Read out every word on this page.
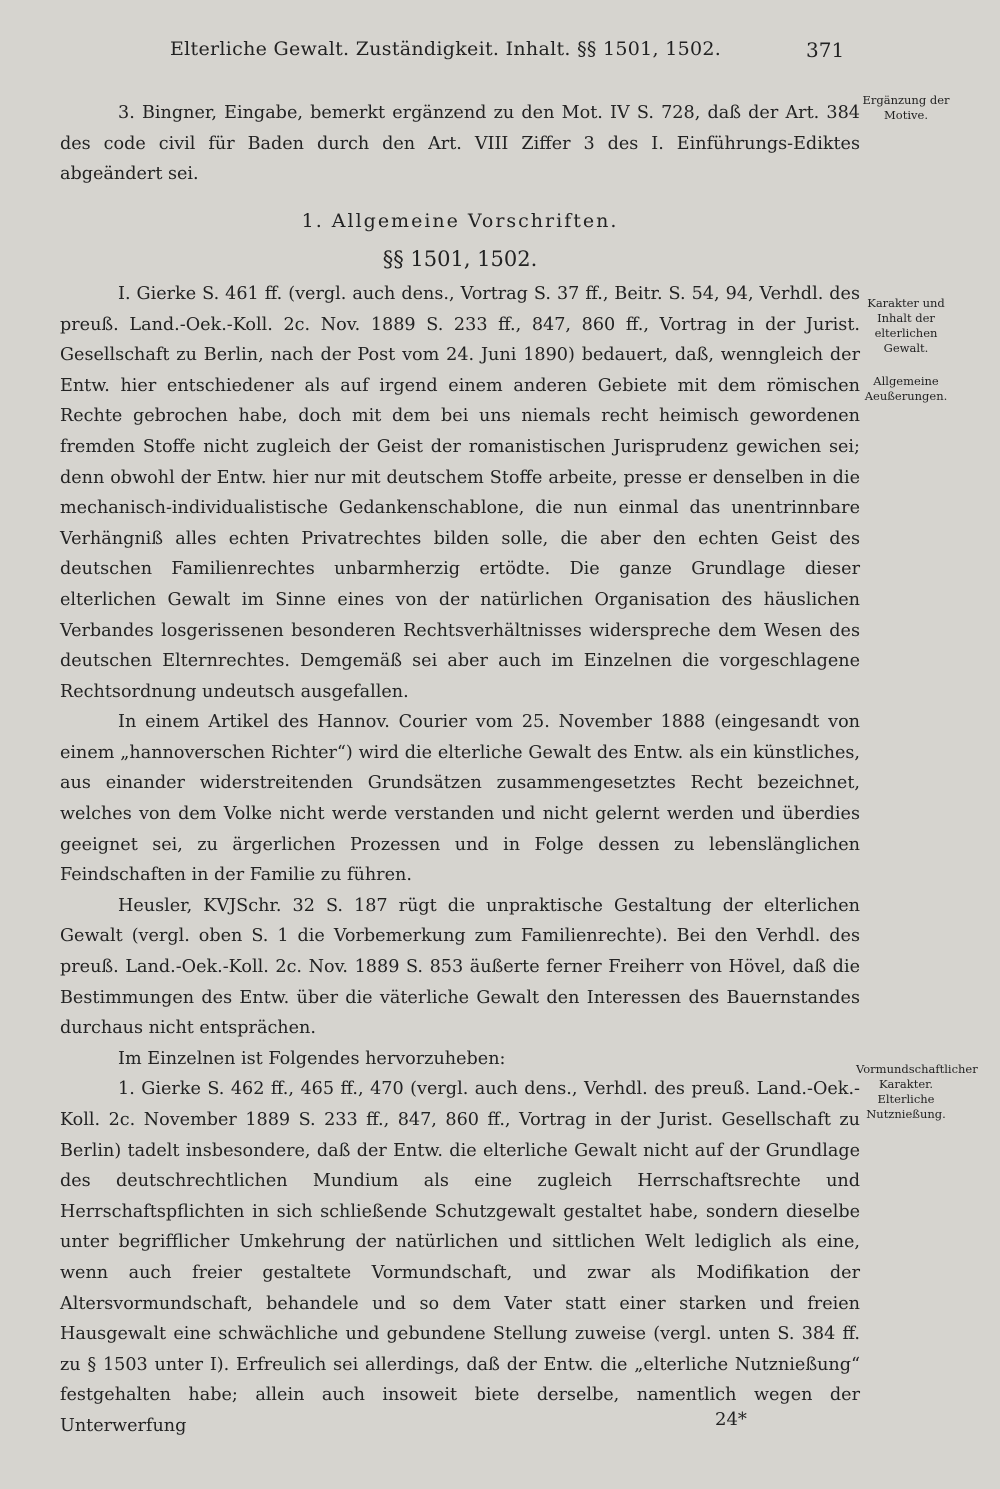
Elterliche Gewalt. Zuständigkeit. Inhalt. §§ 1501, 1502.	371

3. Bingner, Eingabe, bemerkt ergänzend zu den Mot. IV S. 728, daß der Art. 384 des code civil für Baden durch den Art. VIII Ziffer 3 des I. Einführungs-Ediktes abgeändert sei.

1. Allgemeine Vorschriften.

§§ 1501, 1502.

I. Gierke S. 461 ff. (vergl. auch dens., Vortrag S. 37 ff., Beitr. S. 54, 94, Verhdl. des preuß. Land.-Oek.-Koll. 2c. Nov. 1889 S. 233 ff., 847, 860 ff., Vortrag in der Jurist. Gesellschaft zu Berlin, nach der Post vom 24. Juni 1890) bedauert, daß, wenngleich der Entw. hier entschiedener als auf irgend einem anderen Gebiete mit dem römischen Rechte gebrochen habe, doch mit dem bei uns niemals recht heimisch gewordenen fremden Stoffe nicht zugleich der Geist der romanistischen Jurisprudenz gewichen sei; denn obwohl der Entw. hier nur mit deutschem Stoffe arbeite, presse er denselben in die mechanisch-individualistische Gedankenschablone, die nun einmal das unentrinnbare Verhängniß alles echten Privatrechtes bilden solle, die aber den echten Geist des deutschen Familienrechtes unbarmherzig ertödte. Die ganze Grundlage dieser elterlichen Gewalt im Sinne eines von der natürlichen Organisation des häuslichen Verbandes losgerissenen besonderen Rechtsverhältnisses widerspreche dem Wesen des deutschen Elternrechtes. Demgemäß sei aber auch im Einzelnen die vorgeschlagene Rechtsordnung undeutsch ausgefallen.

In einem Artikel des Hannov. Courier vom 25. November 1888 (eingesandt von einem „hannoverschen Richter“) wird die elterliche Gewalt des Entw. als ein künstliches, aus einander widerstreitenden Grundsätzen zusammengesetztes Recht bezeichnet, welches von dem Volke nicht werde verstanden und nicht gelernt werden und überdies geeignet sei, zu ärgerlichen Prozessen und in Folge dessen zu lebenslänglichen Feindschaften in der Familie zu führen.

Heusler, KVJSchr. 32 S. 187 rügt die unpraktische Gestaltung der elterlichen Gewalt (vergl. oben S. 1 die Vorbemerkung zum Familienrechte). Bei den Verhdl. des preuß. Land.-Oek.-Koll. 2c. Nov. 1889 S. 853 äußerte ferner Freiherr von Hövel, daß die Bestimmungen des Entw. über die väterliche Gewalt den Interessen des Bauernstandes durchaus nicht entsprächen.

Im Einzelnen ist Folgendes hervorzuheben:

1. Gierke S. 462 ff., 465 ff., 470 (vergl. auch dens., Verhdl. des preuß. Land.-Oek.-Koll. 2c. November 1889 S. 233 ff., 847, 860 ff., Vortrag in der Jurist. Gesellschaft zu Berlin) tadelt insbesondere, daß der Entw. die elterliche Gewalt nicht auf der Grundlage des deutschrechtlichen Mundium als eine zugleich Herrschaftsrechte und Herrschaftspflichten in sich schließende Schutzgewalt gestaltet habe, sondern dieselbe unter begrifflicher Umkehrung der natürlichen und sittlichen Welt lediglich als eine, wenn auch freier gestaltete Vormundschaft, und zwar als Modifikation der Altersvormundschaft, behandele und so dem Vater statt einer starken und freien Hausgewalt eine schwächliche und gebundene Stellung zuweise (vergl. unten S. 384 ff. zu § 1503 unter I). Erfreulich sei allerdings, daß der Entw. die „elterliche Nutznießung“ festgehalten habe; allein auch insoweit biete derselbe, namentlich wegen der Unterwerfung

Ergänzung der Motive.
Karakter und Inhalt der elterlichen Gewalt.
Allgemeine Aeußerungen.
Vormundschaftlicher Karakter. Elterliche Nutznießung.
24*
